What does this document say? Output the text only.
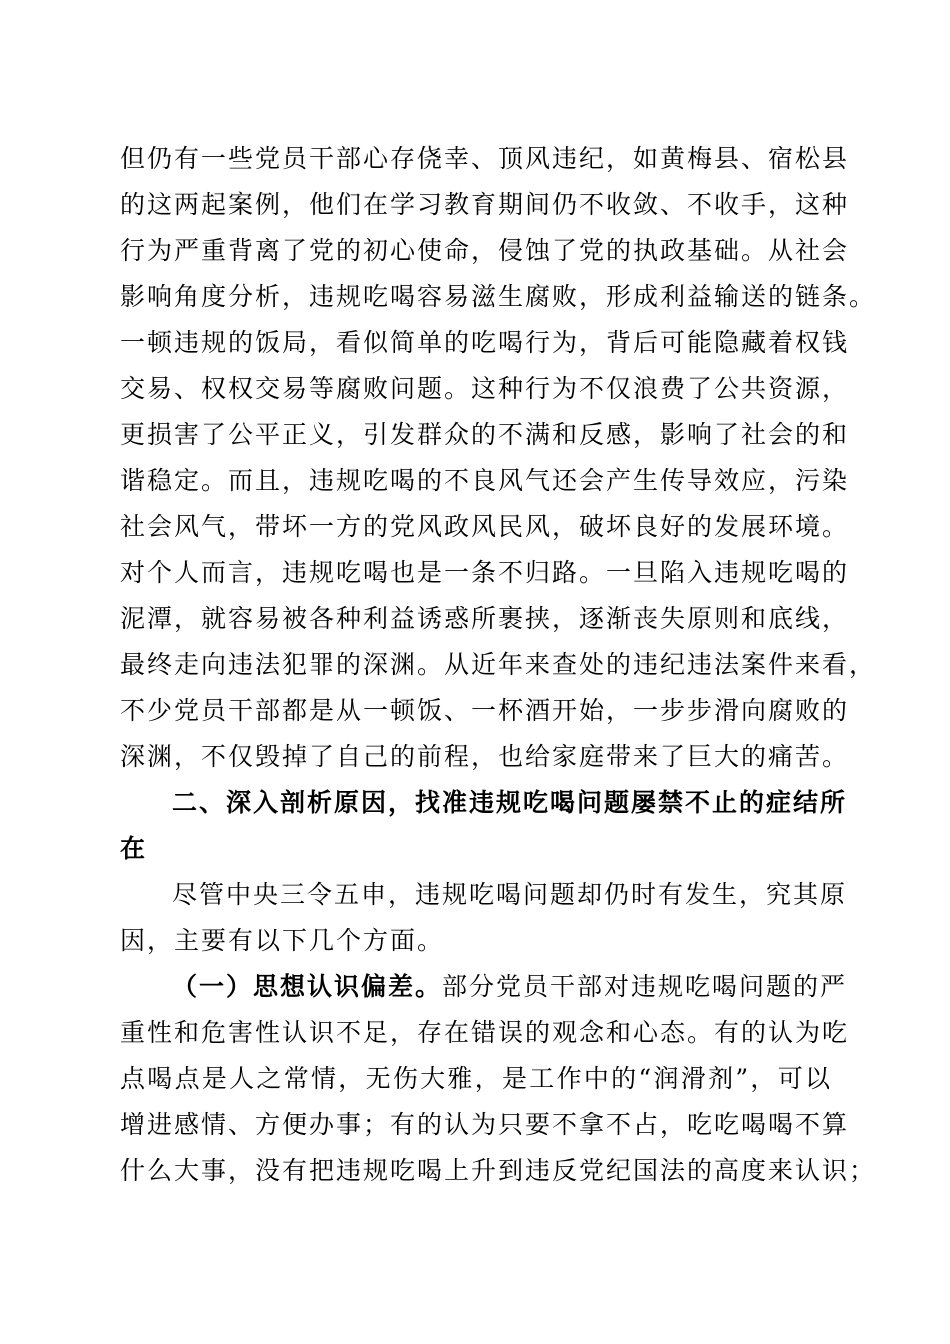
但仍有一些党员干部心存侥幸、顶风违纪，如黄梅县、宿松县
的这两起案例，他们在学习教育期间仍不收敛、不收手，这种
行为严重背离了党的初心使命，侵蚀了党的执政基础。从社会
影响角度分析，违规吃喝容易滋生腐败，形成利益输送的链条。
一顿违规的饭局，看似简单的吃喝行为，背后可能隐藏着权钱
交易、权权交易等腐败问题。这种行为不仅浪费了公共资源，
更损害了公平正义，引发群众的不满和反感，影响了社会的和
谐稳定。而且，违规吃喝的不良风气还会产生传导效应，污染
社会风气，带坏一方的党风政风民风，破坏良好的发展环境。
对个人而言，违规吃喝也是一条不归路。一旦陷入违规吃喝的
泥潭，就容易被各种利益诱惑所裹挟，逐渐丧失原则和底线，
最终走向违法犯罪的深渊。从近年来查处的违纪违法案件来看，
不少党员干部都是从一顿饭、一杯酒开始，一步步滑向腐败的
深渊，不仅毁掉了自己的前程，也给家庭带来了巨大的痛苦。
二、深入剖析原因，找准违规吃喝问题屡禁不止的症结所
在
尽管中央三令五申，违规吃喝问题却仍时有发生，究其原
因，主要有以下几个方面。
（一）思想认识偏差。部分党员干部对违规吃喝问题的严
重性和危害性认识不足，存在错误的观念和心态。有的认为吃
点喝点是人之常情，无伤大雅，是工作中的“润滑剂”，可以
增进感情、方便办事；有的认为只要不拿不占，吃吃喝喝不算
什么大事，没有把违规吃喝上升到违反党纪国法的高度来认识；
